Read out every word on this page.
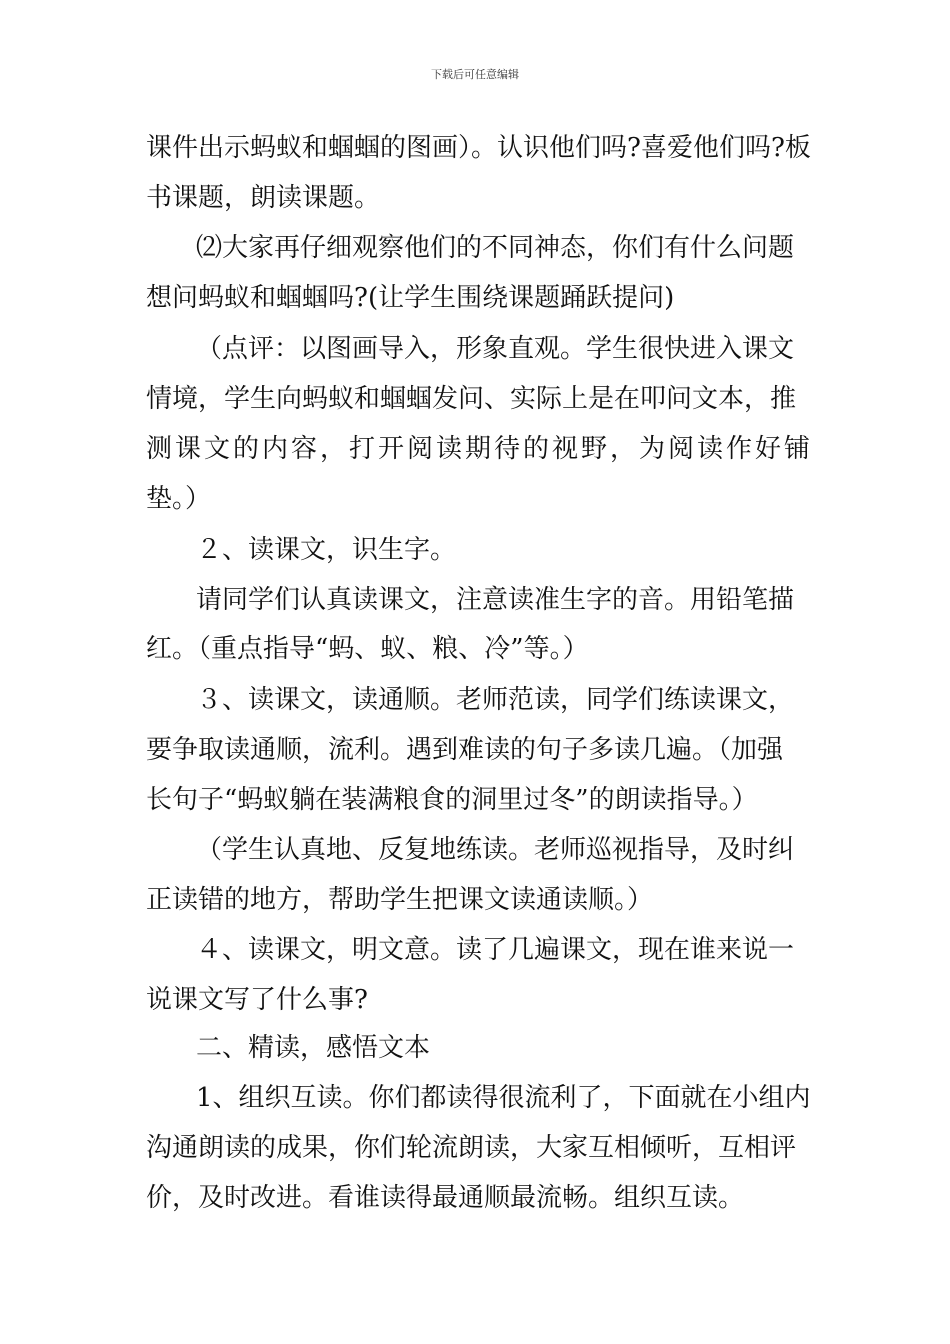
下载后可任意编辑
课件出示蚂蚁和蝈蝈的图画）。认识他们吗?喜爱他们吗?板
书课题，朗读课题。
⑵大家再仔细观察他们的不同神态，你们有什么问题
想问蚂蚁和蝈蝈吗?(让学生围绕课题踊跃提问)
（点评：以图画导入，形象直观。学生很快进入课文
情境，学生向蚂蚁和蝈蝈发问、实际上是在叩问文本，推
测课文的内容，打开阅读期待的视野，为阅读作好铺
垫。）
２、读课文，识生字。
请同学们认真读课文，注意读准生字的音。用铅笔描
红。（重点指导“蚂、蚁、粮、冷”等。）
３、读课文，读通顺。老师范读，同学们练读课文，
要争取读通顺，流利。遇到难读的句子多读几遍。（加强
长句子“蚂蚁躺在装满粮食的洞里过冬”的朗读指导。）
（学生认真地、反复地练读。老师巡视指导，及时纠
正读错的地方，帮助学生把课文读通读顺。）
４、读课文，明文意。读了几遍课文，现在谁来说一
说课文写了什么事?
二、精读，感悟文本
1、组织互读。你们都读得很流利了，下面就在小组内
沟通朗读的成果，你们轮流朗读，大家互相倾听，互相评
价，及时改进。看谁读得最通顺最流畅。组织互读。
